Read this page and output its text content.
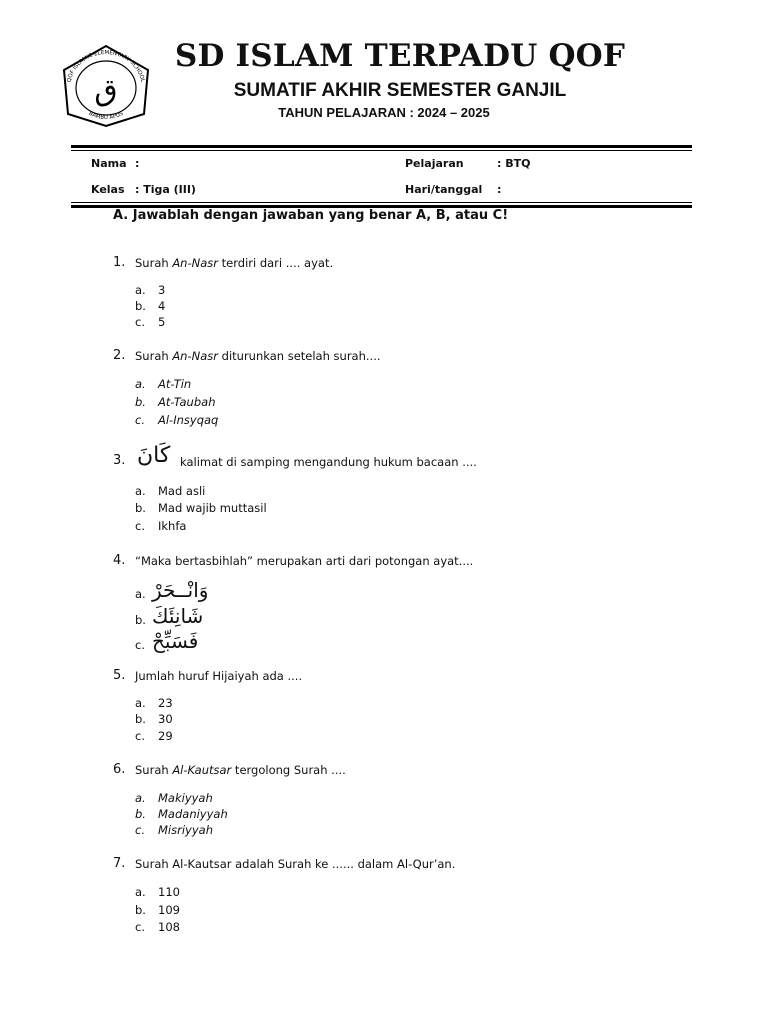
QOF ISLAMIC ELEMENTARY SCHOOL
BAMBU APUS
ق
SD ISLAM TERPADU QOF
SUMATIF AKHIR SEMESTER GANJIL
TAHUN PELAJARAN : 2024 – 2025
Nama :	Pelajaran	: BTQ
Kelas : Tiga (III)	Hari/tanggal :
A. Jawablah dengan jawaban yang benar A, B, atau C!
1. Surah An-Nasr terdiri dari .... ayat.
a. 3
b. 4
c. 5
2. Surah An-Nasr diturunkan setelah surah....
a. At-Tin
b. At-Taubah
c. Al-Insyqaq
3. كَانَ kalimat di samping mengandung hukum bacaan ....
a. Mad asli
b. Mad wajib muttasil
c. Ikhfa
4. “Maka bertasbihlah” merupakan arti dari potongan ayat....
a. وَانْــحَرْ
b. شَانِئَكَ
c. فَسَبِّحْ
5. Jumlah huruf Hijaiyah ada ....
a. 23
b. 30
c. 29
6. Surah Al-Kautsar tergolong Surah ....
a. Makiyyah
b. Madaniyyah
c. Misriyyah
7. Surah Al-Kautsar adalah Surah ke ...... dalam Al-Qur’an.
a. 110
b. 109
c. 108
